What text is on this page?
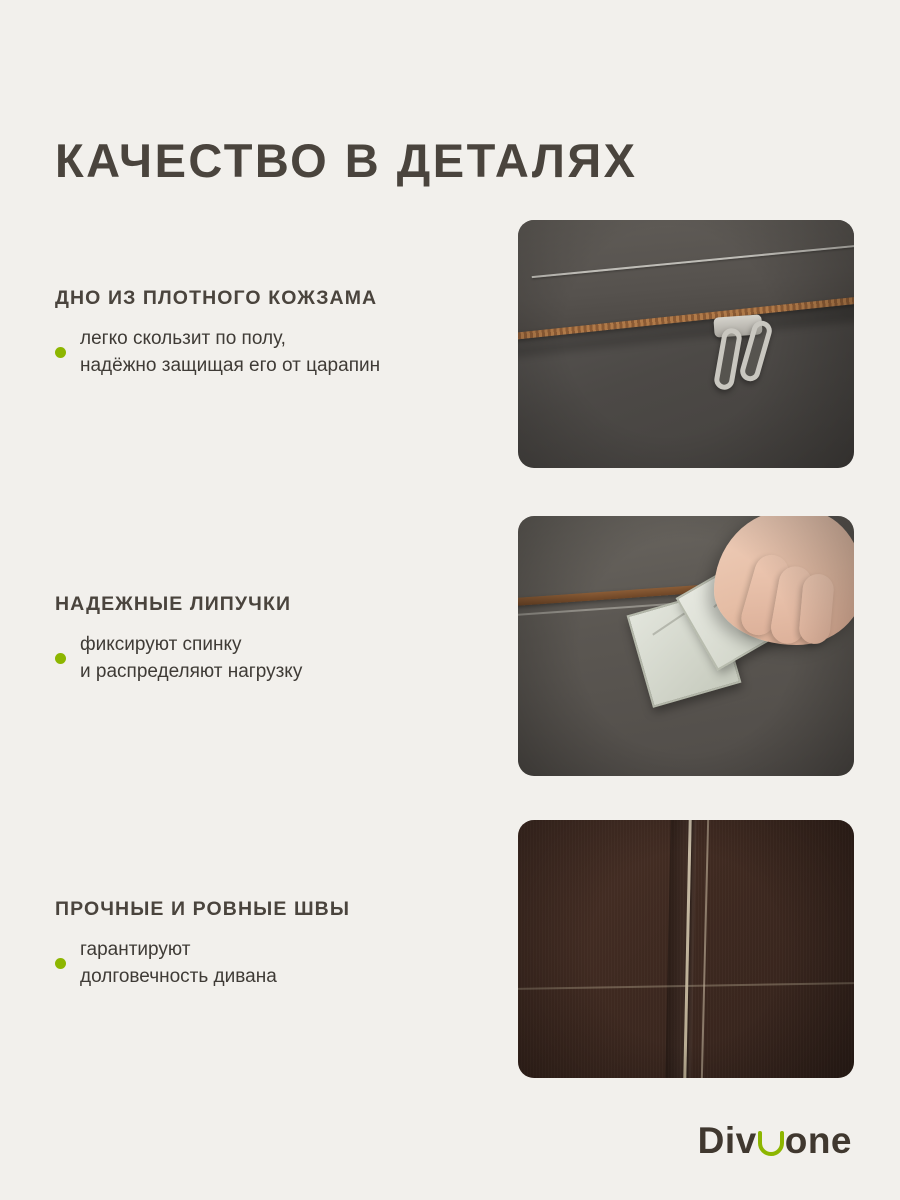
КАЧЕСТВО В ДЕТАЛЯХ
ДНО ИЗ ПЛОТНОГО КОЖЗАМА
легко скользит по полу,
надёжно защищая его от царапин
НАДЕЖНЫЕ ЛИПУЧКИ
фиксируют спинку
и распределяют нагрузку
ПРОЧНЫЕ И РОВНЫЕ ШВЫ
гарантируют
долговечность дивана
Div one
